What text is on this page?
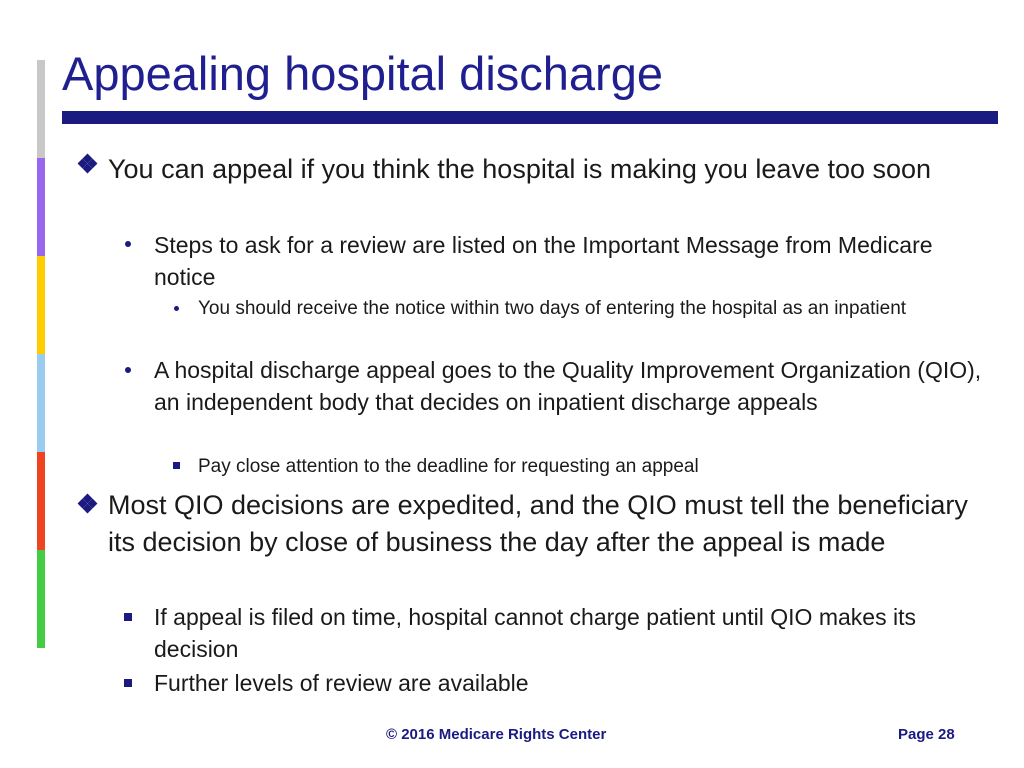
Appealing hospital discharge
You can appeal if you think the hospital is making you leave too soon
Steps to ask for a review are listed on the Important Message from Medicare notice
You should receive the notice within two days of entering the hospital as an inpatient
A hospital discharge appeal goes to the Quality Improvement Organization (QIO), an independent body that decides on inpatient discharge appeals
Pay close attention to the deadline for requesting an appeal
Most QIO decisions are expedited, and the QIO must tell the beneficiary its decision by close of business the day after the appeal is made
If appeal is filed on time, hospital cannot charge patient until QIO makes its decision
Further levels of review are available
© 2016 Medicare Rights Center	Page 28
